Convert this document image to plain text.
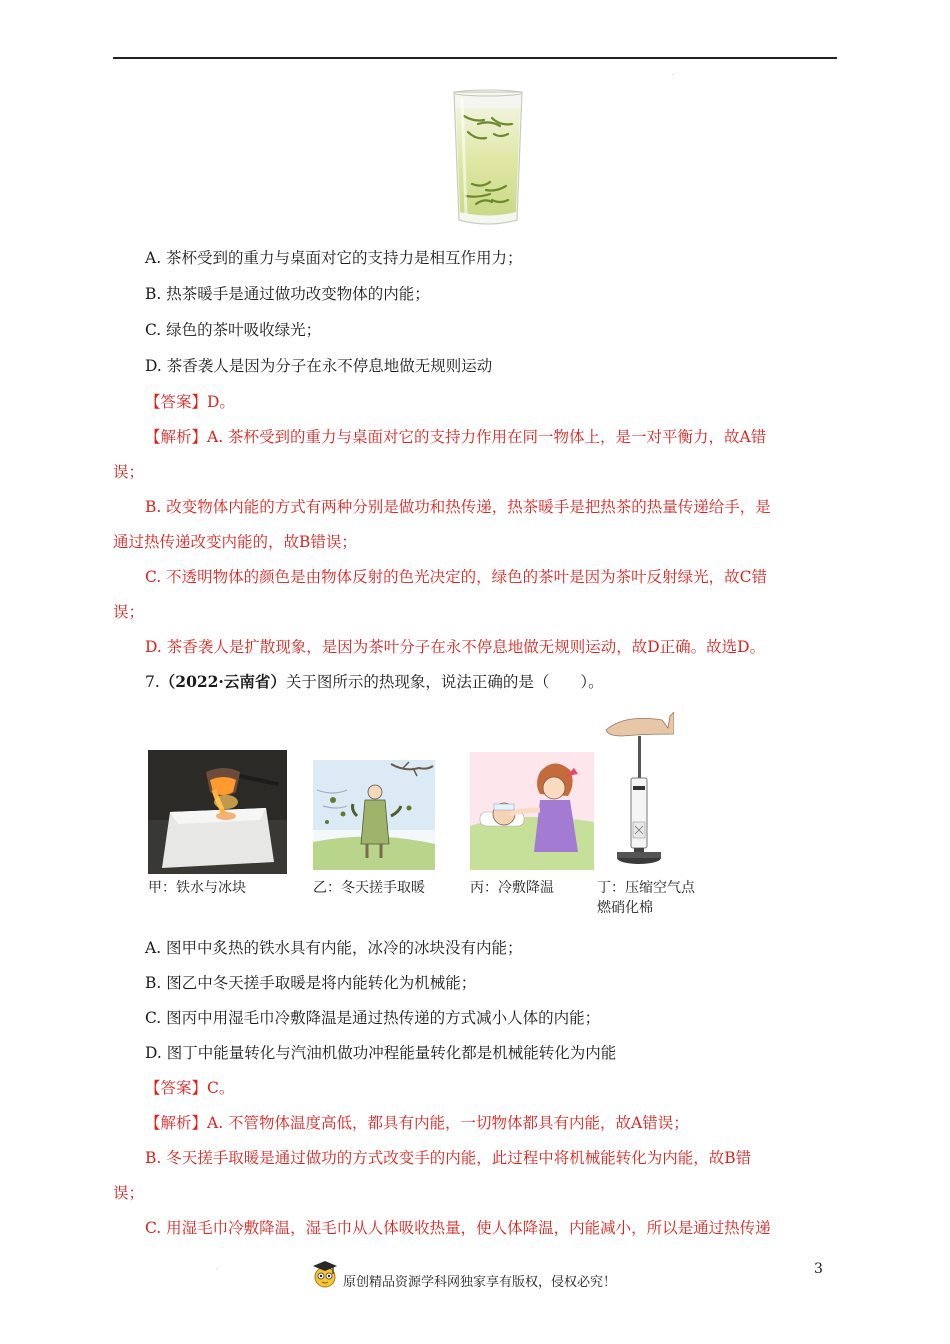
·
A. 茶杯受到的重力与桌面对它的支持力是相互作用力；
B. 热茶暖手是通过做功改变物体的内能；
C. 绿色的茶叶吸收绿光；
D. 茶香袭人是因为分子在永不停息地做无规则运动
【答案】D。
【解析】A. 茶杯受到的重力与桌面对它的支持力作用在同一物体上，是一对平衡力，故A错
误；
B. 改变物体内能的方式有两种分别是做功和热传递，热茶暖手是把热茶的热量传递给手，是
通过热传递改变内能的，故B错误；
C. 不透明物体的颜色是由物体反射的色光决定的，绿色的茶叶是因为茶叶反射绿光，故C错
误；
D. 茶香袭人是扩散现象，是因为茶叶分子在永不停息地做无规则运动，故D正确。故选D。
7.（2022·云南省）关于图所示的热现象，说法正确的是（　　）。
甲：铁水与冰块	乙：冬天搓手取暖	丙：冷敷降温	丁：压缩空气点
燃硝化棉
A. 图甲中炙热的铁水具有内能，冰冷的冰块没有内能；
B. 图乙中冬天搓手取暖是将内能转化为机械能；
C. 图丙中用湿毛巾冷敷降温是通过热传递的方式减小人体的内能；
D. 图丁中能量转化与汽油机做功冲程能量转化都是机械能转化为内能
【答案】C。
【解析】A. 不管物体温度高低，都具有内能，一切物体都具有内能，故A错误；
B. 冬天搓手取暖是通过做功的方式改变手的内能，此过程中将机械能转化为内能，故B错
误；
C. 用湿毛巾冷敷降温，湿毛巾从人体吸收热量，使人体降温，内能减小，所以是通过热传递
3
·
原创精品资源学科网独家享有版权，侵权必究！
